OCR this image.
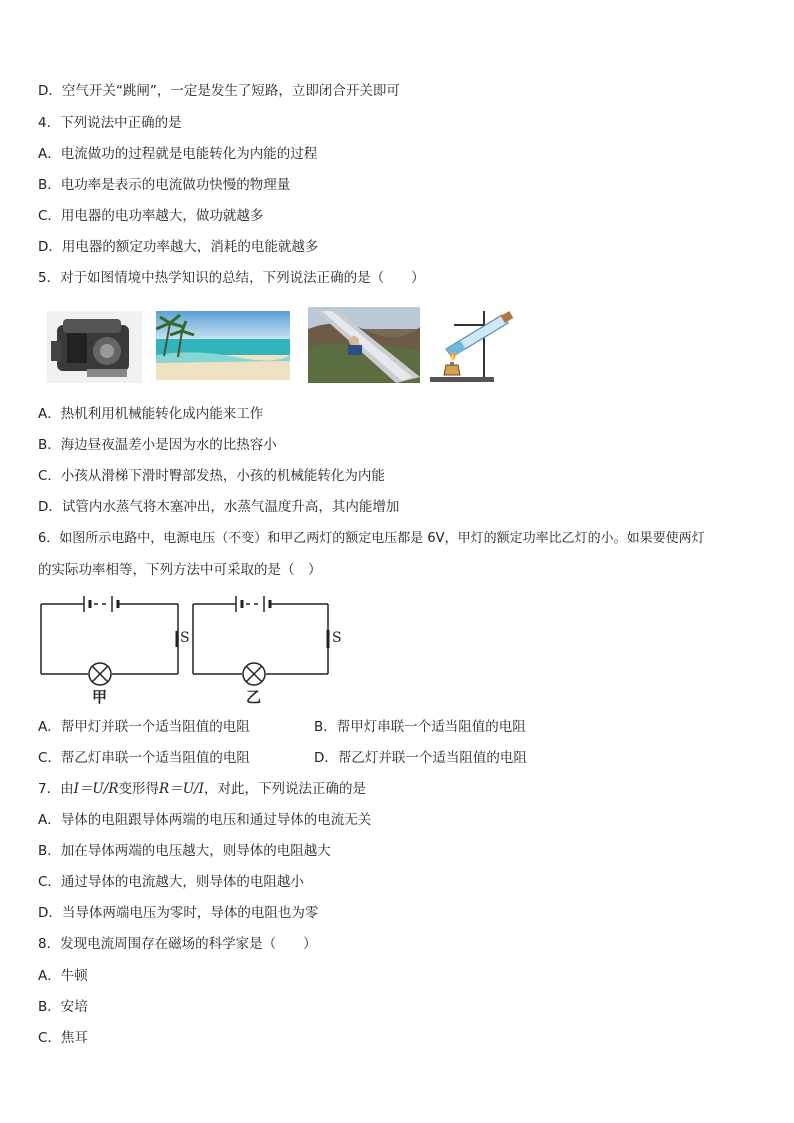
D．空气开关“跳闸”，一定是发生了短路，立即闭合开关即可
4．下列说法中正确的是
A．电流做功的过程就是电能转化为内能的过程
B．电功率是表示的电流做功快慢的物理量
C．用电器的电功率越大，做功就越多
D．用电器的额定功率越大，消耗的电能就越多
5．对于如图情境中热学知识的总结，下列说法正确的是（　　）
A．热机利用机械能转化成内能来工作
B．海边昼夜温差小是因为水的比热容小
C．小孩从滑梯下滑时臀部发热，小孩的机械能转化为内能
D．试管内水蒸气将木塞冲出，水蒸气温度升高，其内能增加
6．如图所示电路中，电源电压（不变）和甲乙两灯的额定电压都是 6V，甲灯的额定功率比乙灯的小。如果要使两灯
的实际功率相等，下列方法中可采取的是（　）
S
甲
S
乙
A．帮甲灯并联一个适当阻值的电阻	B．帮甲灯串联一个适当阻值的电阻
C．帮乙灯串联一个适当阻值的电阻	D．帮乙灯并联一个适当阻值的电阻
7．由I＝U/R变形得R＝U/I，对此，下列说法正确的是
A．导体的电阻跟导体两端的电压和通过导体的电流无关
B．加在导体两端的电压越大，则导体的电阻越大
C．通过导体的电流越大，则导体的电阻越小
D．当导体两端电压为零时，导体的电阻也为零
8．发现电流周围存在磁场的科学家是（　　）
A．牛顿
B．安培
C．焦耳
